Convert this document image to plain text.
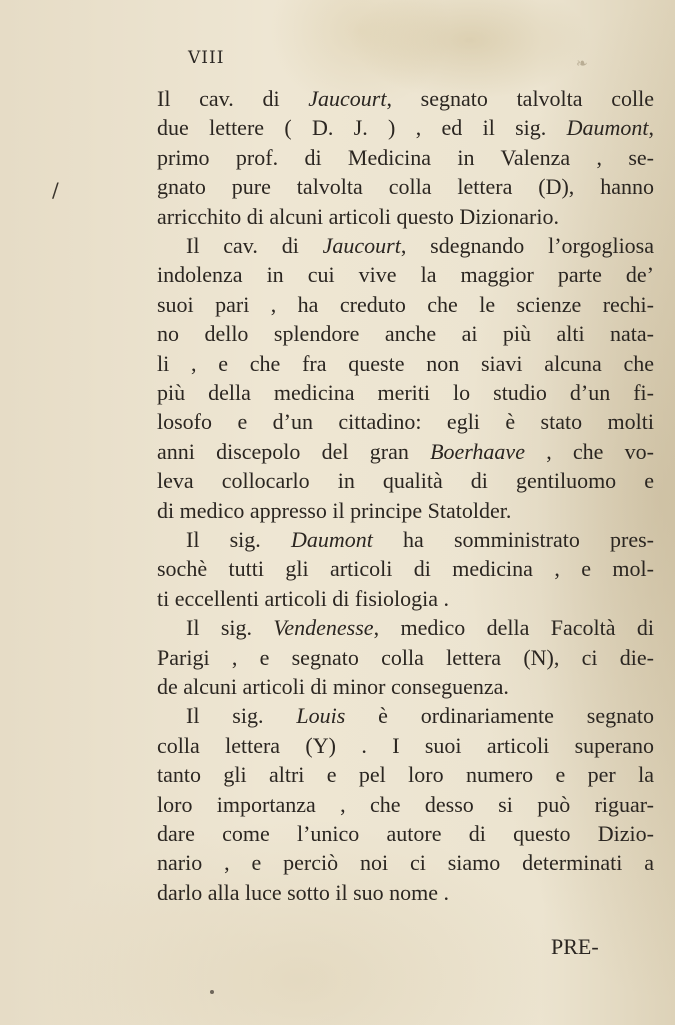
VIII	❧
/
Il cav. di Jaucourt, segnato talvolta colle
due lettere ( D. J. ) , ed il sig. Daumont,
primo prof. di Medicina in Valenza , se-
gnato pure talvolta colla lettera (D), hanno
arricchito di alcuni articoli questo Dizionario.
Il cav. di Jaucourt, sdegnando l’orgogliosa
indolenza in cui vive la maggior parte de’
suoi pari , ha creduto che le scienze rechi-
no dello splendore anche ai più alti nata-
li , e che fra queste non siavi alcuna che
più della medicina meriti lo studio d’un fi-
losofo e d’un cittadino: egli è stato molti
anni discepolo del gran Boerhaave , che vo-
leva collocarlo in qualità di gentiluomo e
di medico appresso il principe Statolder.
Il sig. Daumont ha somministrato pres-
sochè tutti gli articoli di medicina , e mol-
ti eccellenti articoli di fisiologia .
Il sig. Vendenesse, medico della Facoltà di
Parigi , e segnato colla lettera (N), ci die-
de alcuni articoli di minor conseguenza.
Il sig. Louis è ordinariamente segnato
colla lettera (Y) . I suoi articoli superano
tanto gli altri e pel loro numero e per la
loro importanza , che desso si può riguar-
dare come l’unico autore di questo Dizio-
nario , e perciò noi ci siamo determinati a
darlo alla luce sotto il suo nome .
PRE-
